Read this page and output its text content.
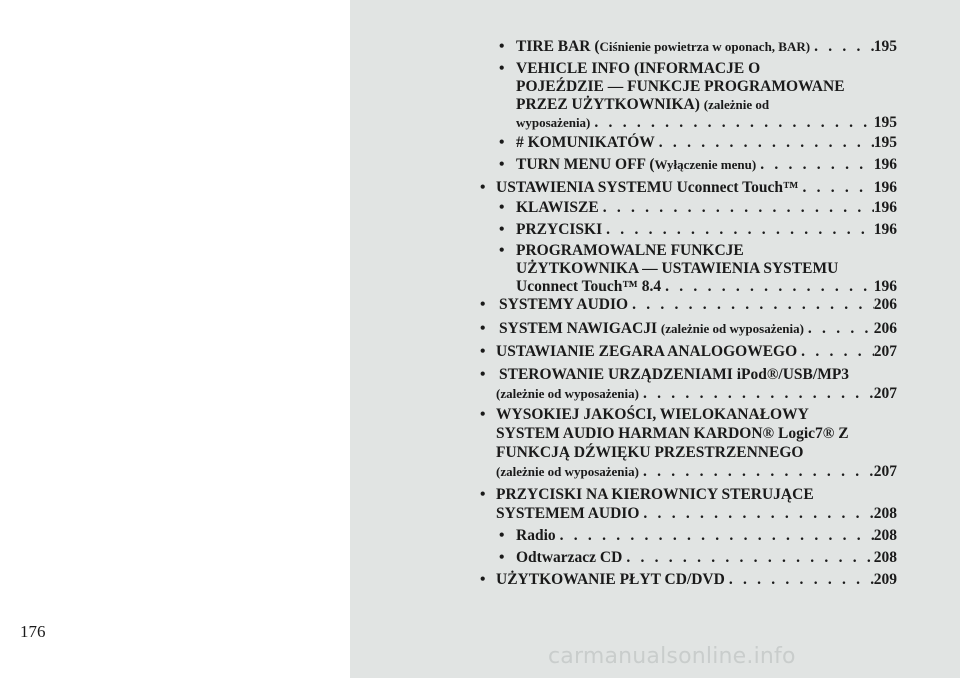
176
• TIRE BAR (Ciśnienie powietrza w oponach, BAR) . . .	195
• VEHICLE INFO (INFORMACJE O
POJEŹDZIE — FUNKCJE PROGRAMOWANE
PRZEZ UŻYTKOWNIKA) (zależnie od
wyposażenia) . . .	195
• # KOMUNIKATÓW . . .	195
• TURN MENU OFF (Wyłączenie menu) . . .	196
• USTAWIENIA SYSTEMU Uconnect Touch™ . . .	196
• KLAWISZE . . .	196
• PRZYCISKI . . .	196
• PROGRAMOWALNE FUNKCJE
UŻYTKOWNIKA — USTAWIENIA SYSTEMU
Uconnect Touch™ 8.4 . . .	196
• SYSTEMY AUDIO . . .	206
• SYSTEM NAWIGACJI (zależnie od wyposażenia) . . .	206
• USTAWIANIE ZEGARA ANALOGOWEGO . . .	207
• STEROWANIE URZĄDZENIAMI iPod®/USB/MP3
(zależnie od wyposażenia) . . .	207
• WYSOKIEJ JAKOŚCI, WIELOKANAŁOWY
SYSTEM AUDIO HARMAN KARDON® Logic7® Z
FUNKCJĄ DŹWIĘKU PRZESTRZENNEGO
(zależnie od wyposażenia) . . .	207
• PRZYCISKI NA KIEROWNICY STERUJĄCE
SYSTEMEM AUDIO . . .	208
• Radio . . .	208
• Odtwarzacz CD . . .	208
• UŻYTKOWANIE PŁYT CD/DVD . . .	209
carmanualsonline.info
